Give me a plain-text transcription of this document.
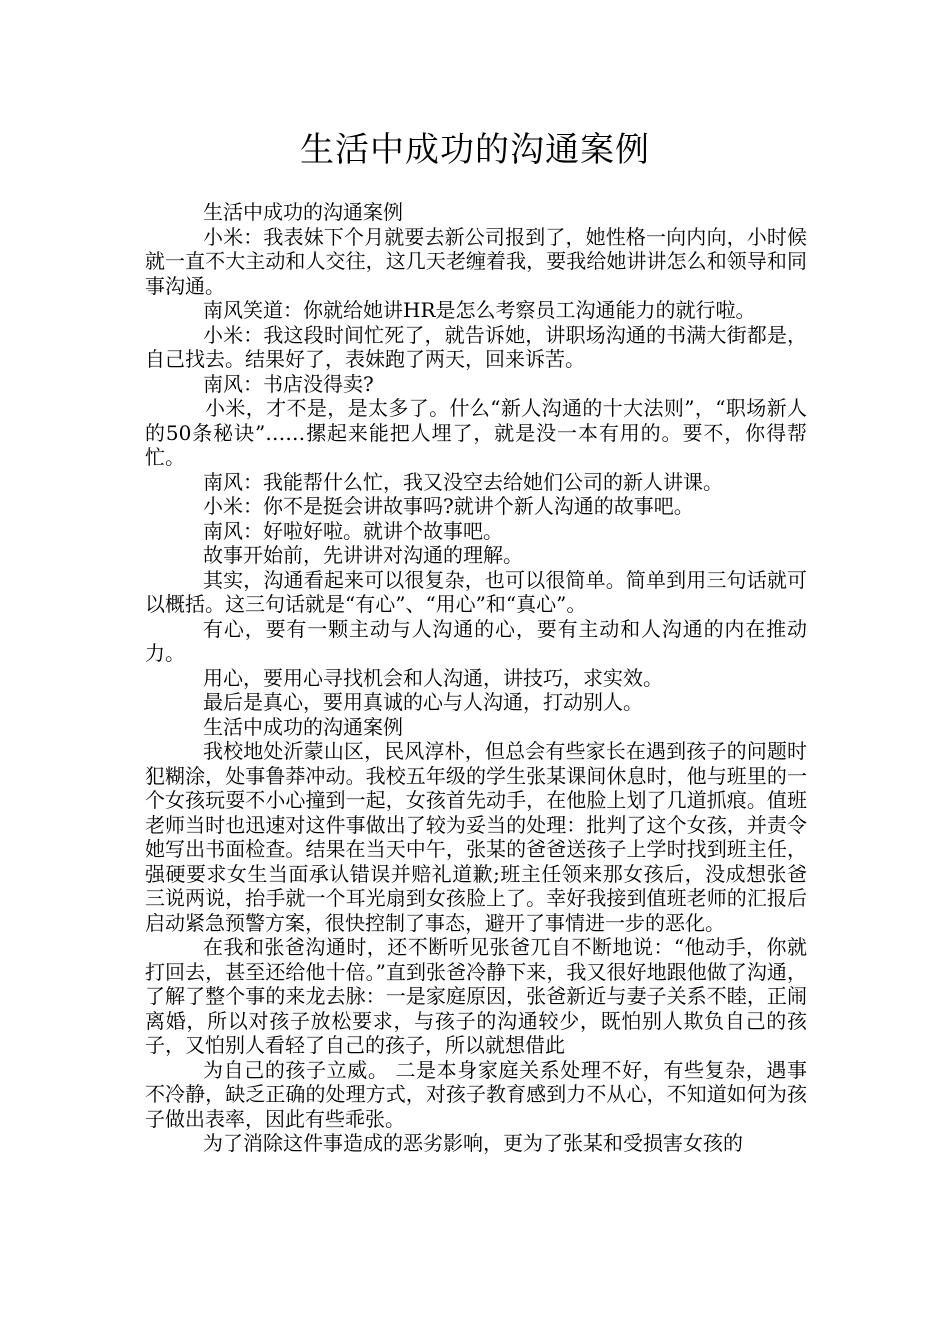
生活中成功的沟通案例

生活中成功的沟通案例

小米：我表妹下个月就要去新公司报到了，她性格一向内向，小时候就一直不大主动和人交往，这几天老缠着我，要我给她讲讲怎么和领导和同事沟通。

南风笑道：你就给她讲HR是怎么考察员工沟通能力的就行啦。

小米：我这段时间忙死了，就告诉她，讲职场沟通的书满大街都是，自己找去。结果好了，表妹跑了两天，回来诉苦。

南风：书店没得卖?

小米，才不是，是太多了。什么“新人沟通的十大法则”，“职场新人的50条秘诀”……摞起来能把人埋了，就是没一本有用的。要不，你得帮忙。

南风：我能帮什么忙，我又没空去给她们公司的新人讲课。

小米：你不是挺会讲故事吗?就讲个新人沟通的故事吧。

南风：好啦好啦。就讲个故事吧。

故事开始前，先讲讲对沟通的理解。

其实，沟通看起来可以很复杂，也可以很简单。简单到用三句话就可以概括。这三句话就是“有心”、“用心”和“真心”。

有心，要有一颗主动与人沟通的心，要有主动和人沟通的内在推动力。

用心，要用心寻找机会和人沟通，讲技巧，求实效。

最后是真心，要用真诚的心与人沟通，打动别人。

生活中成功的沟通案例

我校地处沂蒙山区，民风淳朴，但总会有些家长在遇到孩子的问题时犯糊涂，处事鲁莽冲动。我校五年级的学生张某课间休息时，他与班里的一个女孩玩耍不小心撞到一起，女孩首先动手，在他脸上划了几道抓痕。值班老师当时也迅速对这件事做出了较为妥当的处理：批判了这个女孩，并责令她写出书面检查。结果在当天中午，张某的爸爸送孩子上学时找到班主任，强硬要求女生当面承认错误并赔礼道歉;班主任领来那女孩后，没成想张爸三说两说，抬手就一个耳光扇到女孩脸上了。幸好我接到值班老师的汇报后启动紧急预警方案，很快控制了事态，避开了事情进一步的恶化。

在我和张爸沟通时，还不断听见张爸兀自不断地说：“他动手，你就打回去，甚至还给他十倍。”直到张爸冷静下来，我又很好地跟他做了沟通，了解了整个事的来龙去脉：一是家庭原因，张爸新近与妻子关系不睦，正闹离婚，所以对孩子放松要求，与孩子的沟通较少，既怕别人欺负自己的孩子，又怕别人看轻了自己的孩子，所以就想借此

为自己的孩子立威。 二是本身家庭关系处理不好，有些复杂，遇事不冷静，缺乏正确的处理方式，对孩子教育感到力不从心，不知道如何为孩子做出表率，因此有些乖张。

为了消除这件事造成的恶劣影响，更为了张某和受损害女孩的
